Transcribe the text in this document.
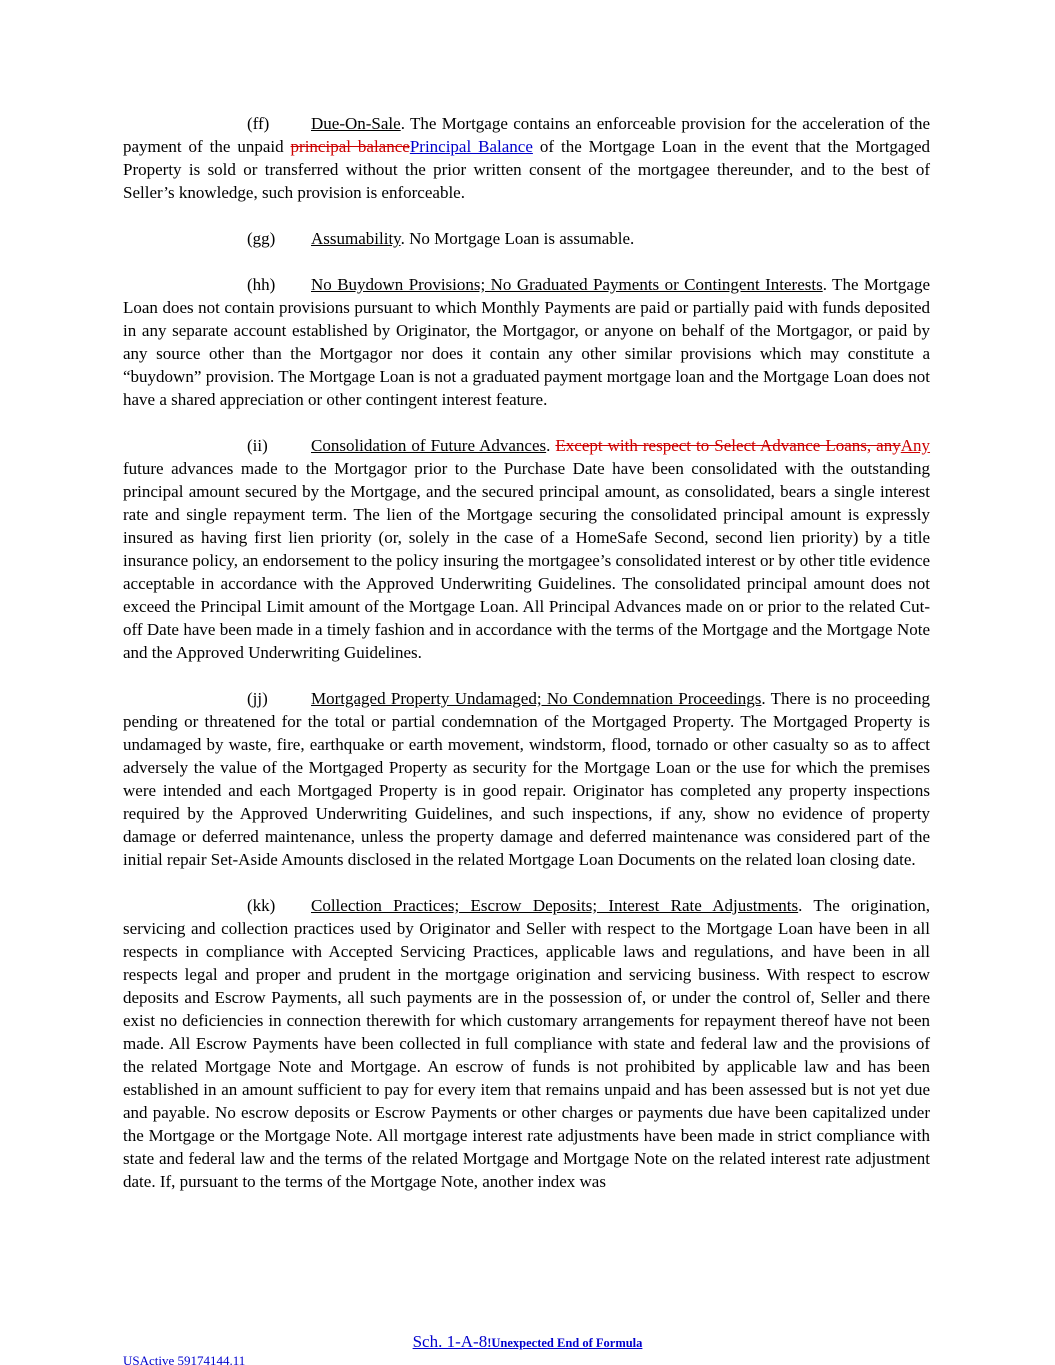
(ff) Due-On-Sale. The Mortgage contains an enforceable provision for the acceleration of the payment of the unpaid principal balancePrincipal Balance of the Mortgage Loan in the event that the Mortgaged Property is sold or transferred without the prior written consent of the mortgagee thereunder, and to the best of Seller’s knowledge, such provision is enforceable.

(gg) Assumability. No Mortgage Loan is assumable.

(hh) No Buydown Provisions; No Graduated Payments or Contingent Interests. The Mortgage Loan does not contain provisions pursuant to which Monthly Payments are paid or partially paid with funds deposited in any separate account established by Originator, the Mortgagor, or anyone on behalf of the Mortgagor, or paid by any source other than the Mortgagor nor does it contain any other similar provisions which may constitute a “buydown” provision. The Mortgage Loan is not a graduated payment mortgage loan and the Mortgage Loan does not have a shared appreciation or other contingent interest feature.

(ii)	Consolidation of Future Advances. Except with respect to Select Advance Loans, anyAny future advances made to the Mortgagor prior to the Purchase Date have been consolidated with the outstanding principal amount secured by the Mortgage, and the secured principal amount, as consolidated, bears a single interest rate and single repayment term. The lien of the Mortgage securing the consolidated principal amount is expressly insured as having first lien priority (or, solely in the case of a HomeSafe Second, second lien priority) by a title insurance policy, an endorsement to the policy insuring the mortgagee’s consolidated interest or by other title evidence acceptable in accordance with the Approved Underwriting Guidelines. The consolidated principal amount does not exceed the Principal Limit amount of the Mortgage Loan. All Principal Advances made on or prior to the related Cut-off Date have been made in a timely fashion and in accordance with the terms of the Mortgage and the Mortgage Note and the Approved Underwriting Guidelines.

(jj)	Mortgaged Property Undamaged; No Condemnation Proceedings. There is no proceeding pending or threatened for the total or partial condemnation of the Mortgaged Property. The Mortgaged Property is undamaged by waste, fire, earthquake or earth movement, windstorm, flood, tornado or other casualty so as to affect adversely the value of the Mortgaged Property as security for the Mortgage Loan or the use for which the premises were intended and each Mortgaged Property is in good repair. Originator has completed any property inspections required by the Approved Underwriting Guidelines, and such inspections, if any, show no evidence of property damage or deferred maintenance, unless the property damage and deferred maintenance was considered part of the initial repair Set-Aside Amounts disclosed in the related Mortgage Loan Documents on the related loan closing date.

(kk) Collection Practices; Escrow Deposits; Interest Rate Adjustments. The origination, servicing and collection practices used by Originator and Seller with respect to the Mortgage Loan have been in all respects in compliance with Accepted Servicing Practices, applicable laws and regulations, and have been in all respects legal and proper and prudent in the mortgage origination and servicing business. With respect to escrow deposits and Escrow Payments, all such payments are in the possession of, or under the control of, Seller and there exist no deficiencies in connection therewith for which customary arrangements for repayment thereof have not been made. All Escrow Payments have been collected in full compliance with state and federal law and the provisions of the related Mortgage Note and Mortgage. An escrow of funds is not prohibited by applicable law and has been established in an amount sufficient to pay for every item that remains unpaid and has been assessed but is not yet due and payable. No escrow deposits or Escrow Payments or other charges or payments due have been capitalized under the Mortgage or the Mortgage Note. All mortgage interest rate adjustments have been made in strict compliance with state and federal law and the terms of the related Mortgage and Mortgage Note on the related interest rate adjustment date. If, pursuant to the terms of the Mortgage Note, another index was

Sch. 1-A-8!Unexpected End of Formula
USActive 59174144.11
